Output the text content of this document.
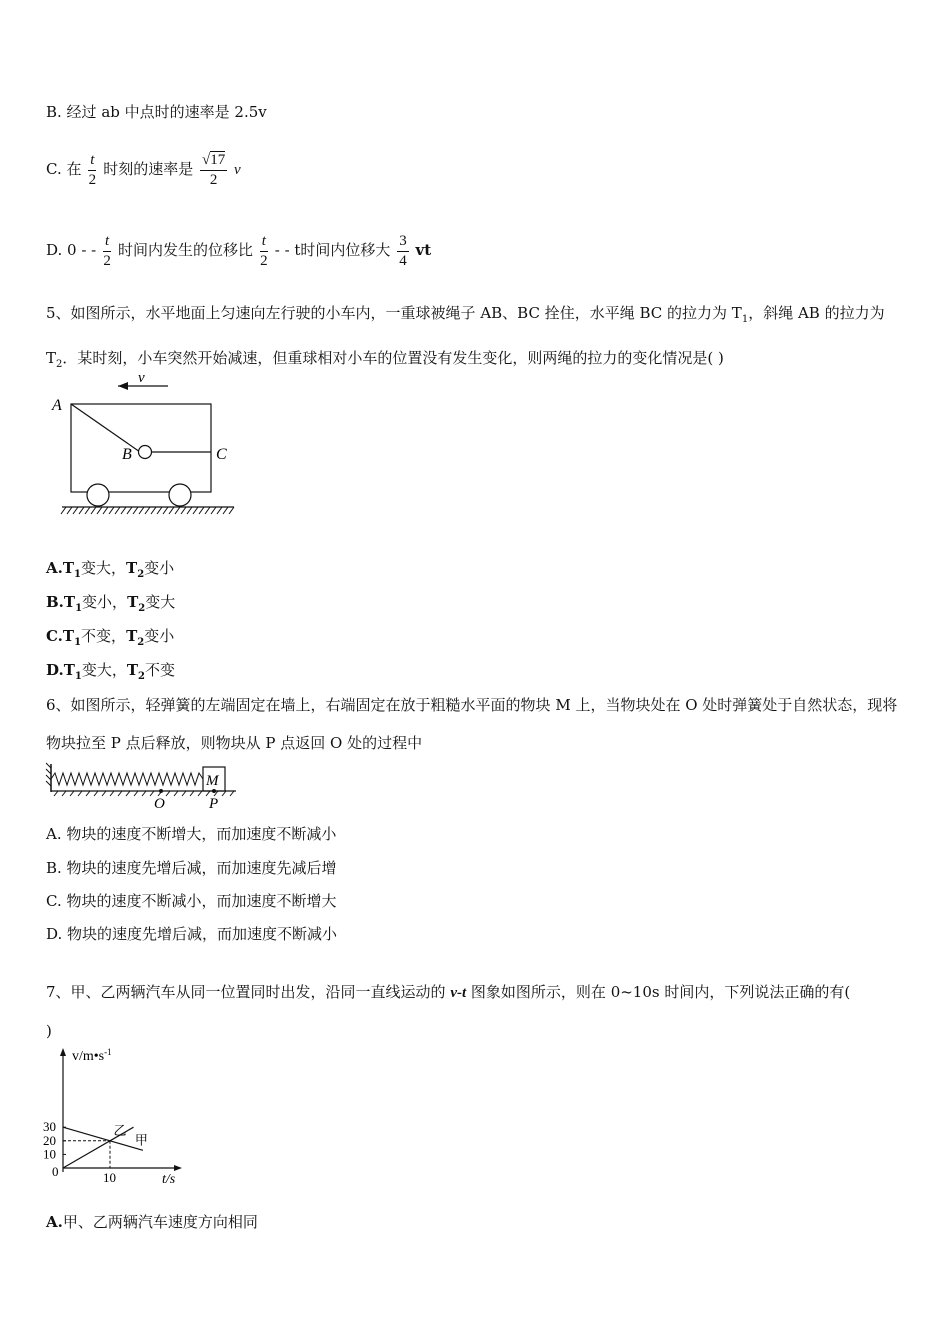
B. 经过 ab 中点时的速率是 2.5v
C. 在 $\frac{t}{2}$ 时刻的速率是 $\frac{√17}{2}$ v
D. 0 ‐ ‐ $\frac{t}{2}$ 时间内发生的位移比 $\frac{t}{2}$ ‐ ‐ t时间内位移大 $\frac{3}{4}$ vt
5、如图所示，水平地面上匀速向左行驶的小车内，一重球被绳子 AB、BC 拴住，水平绳 BC 的拉力为 $T_1$，斜绳 AB 的拉力为 $T_2$．某时刻，小车突然开始减速，但重球相对小车的位置没有发生变化，则两绳的拉力的变化情况是( )
v
A
B	C
$A.T_1$变大，$T_2$变小
$B.T_1$变小，$T_2$变大
$C.T_1$不变，$T_2$变小
$D.T_1$变大，$T_2$不变
6、如图所示，轻弹簧的左端固定在墙上，右端固定在放于粗糙水平面的物块 M 上，当物块处在 O 处时弹簧处于自然状态，现将物块拉至 P 点后释放，则物块从 P 点返回 O 处的过程中
M
O	P
A. 物块的速度不断增大，而加速度不断减小
B. 物块的速度先增后减，而加速度先减后增
C. 物块的速度不断减小，而加速度不断增大
D. 物块的速度先增后减，而加速度不断减小
7、甲、乙两辆汽车从同一位置同时出发，沿同一直线运动的 v-t 图象如图所示，则在 0~10s 时间内，下列说法正确的有(
)
$v/m•s^{-1}$
t/s
0
30
20
10
10
甲
乙
A.甲、乙两辆汽车速度方向相同
